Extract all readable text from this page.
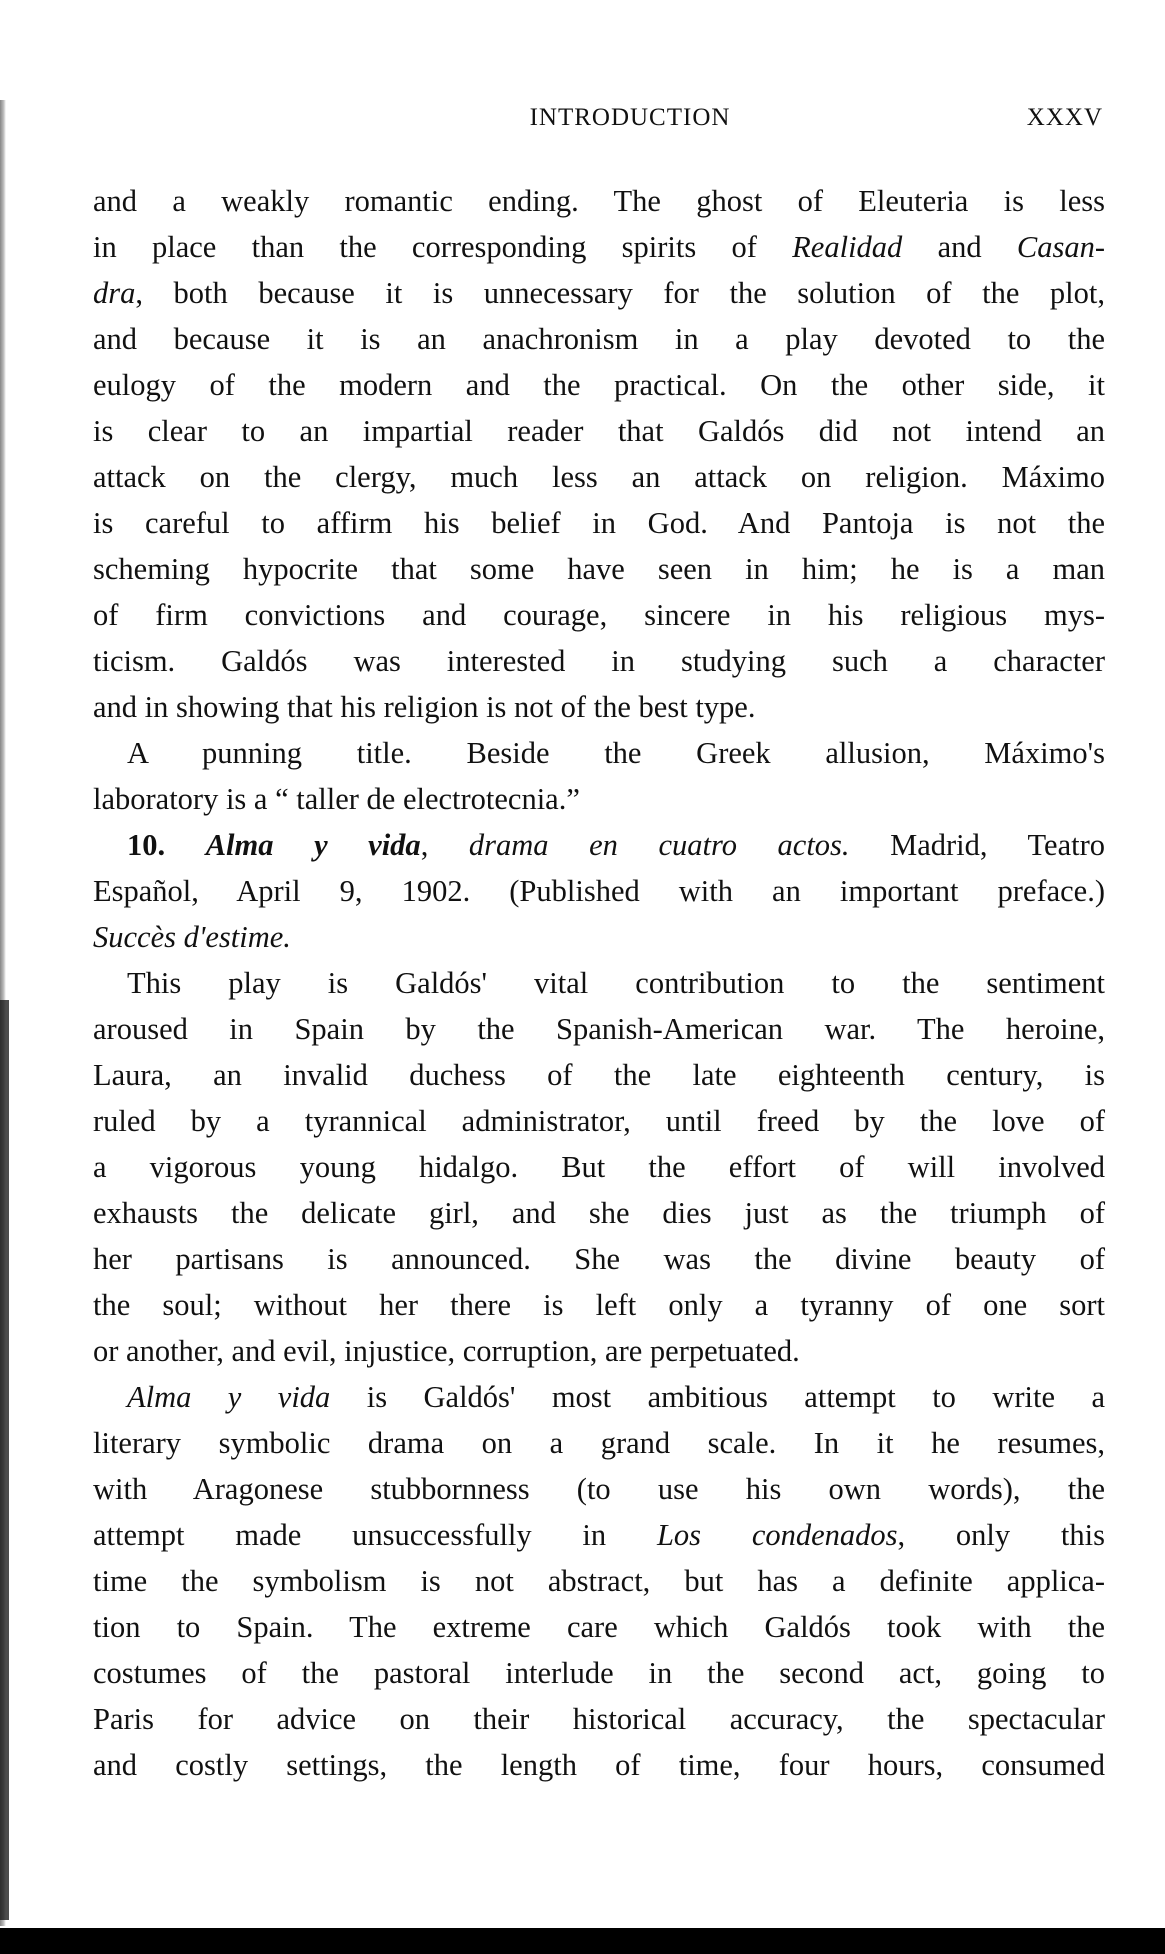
INTRODUCTION	XXXV
and a weakly romantic ending. The ghost of Eleuteria is less
in place than the corresponding spirits of Realidad and Casan-
dra, both because it is unnecessary for the solution of the plot,
and because it is an anachronism in a play devoted to the
eulogy of the modern and the practical. On the other side, it
is clear to an impartial reader that Galdós did not intend an
attack on the clergy, much less an attack on religion. Máximo
is careful to affirm his belief in God. And Pantoja is not the
scheming hypocrite that some have seen in him; he is a man
of firm convictions and courage, sincere in his religious mys-
ticism. Galdós was interested in studying such a character
and in showing that his religion is not of the best type.
A punning title. Beside the Greek allusion, Máximo's
laboratory is a “ taller de electrotecnia.”
10. Alma y vida, drama en cuatro actos. Madrid, Teatro
Español, April 9, 1902. (Published with an important preface.)
Succès d'estime.
This play is Galdós' vital contribution to the sentiment
aroused in Spain by the Spanish-American war. The heroine,
Laura, an invalid duchess of the late eighteenth century, is
ruled by a tyrannical administrator, until freed by the love of
a vigorous young hidalgo. But the effort of will involved
exhausts the delicate girl, and she dies just as the triumph of
her partisans is announced. She was the divine beauty of
the soul; without her there is left only a tyranny of one sort
or another, and evil, injustice, corruption, are perpetuated.
Alma y vida is Galdós' most ambitious attempt to write a
literary symbolic drama on a grand scale. In it he resumes,
with Aragonese stubbornness (to use his own words), the
attempt made unsuccessfully in Los condenados, only this
time the symbolism is not abstract, but has a definite applica-
tion to Spain. The extreme care which Galdós took with the
costumes of the pastoral interlude in the second act, going to
Paris for advice on their historical accuracy, the spectacular
and costly settings, the length of time, four hours, consumed
